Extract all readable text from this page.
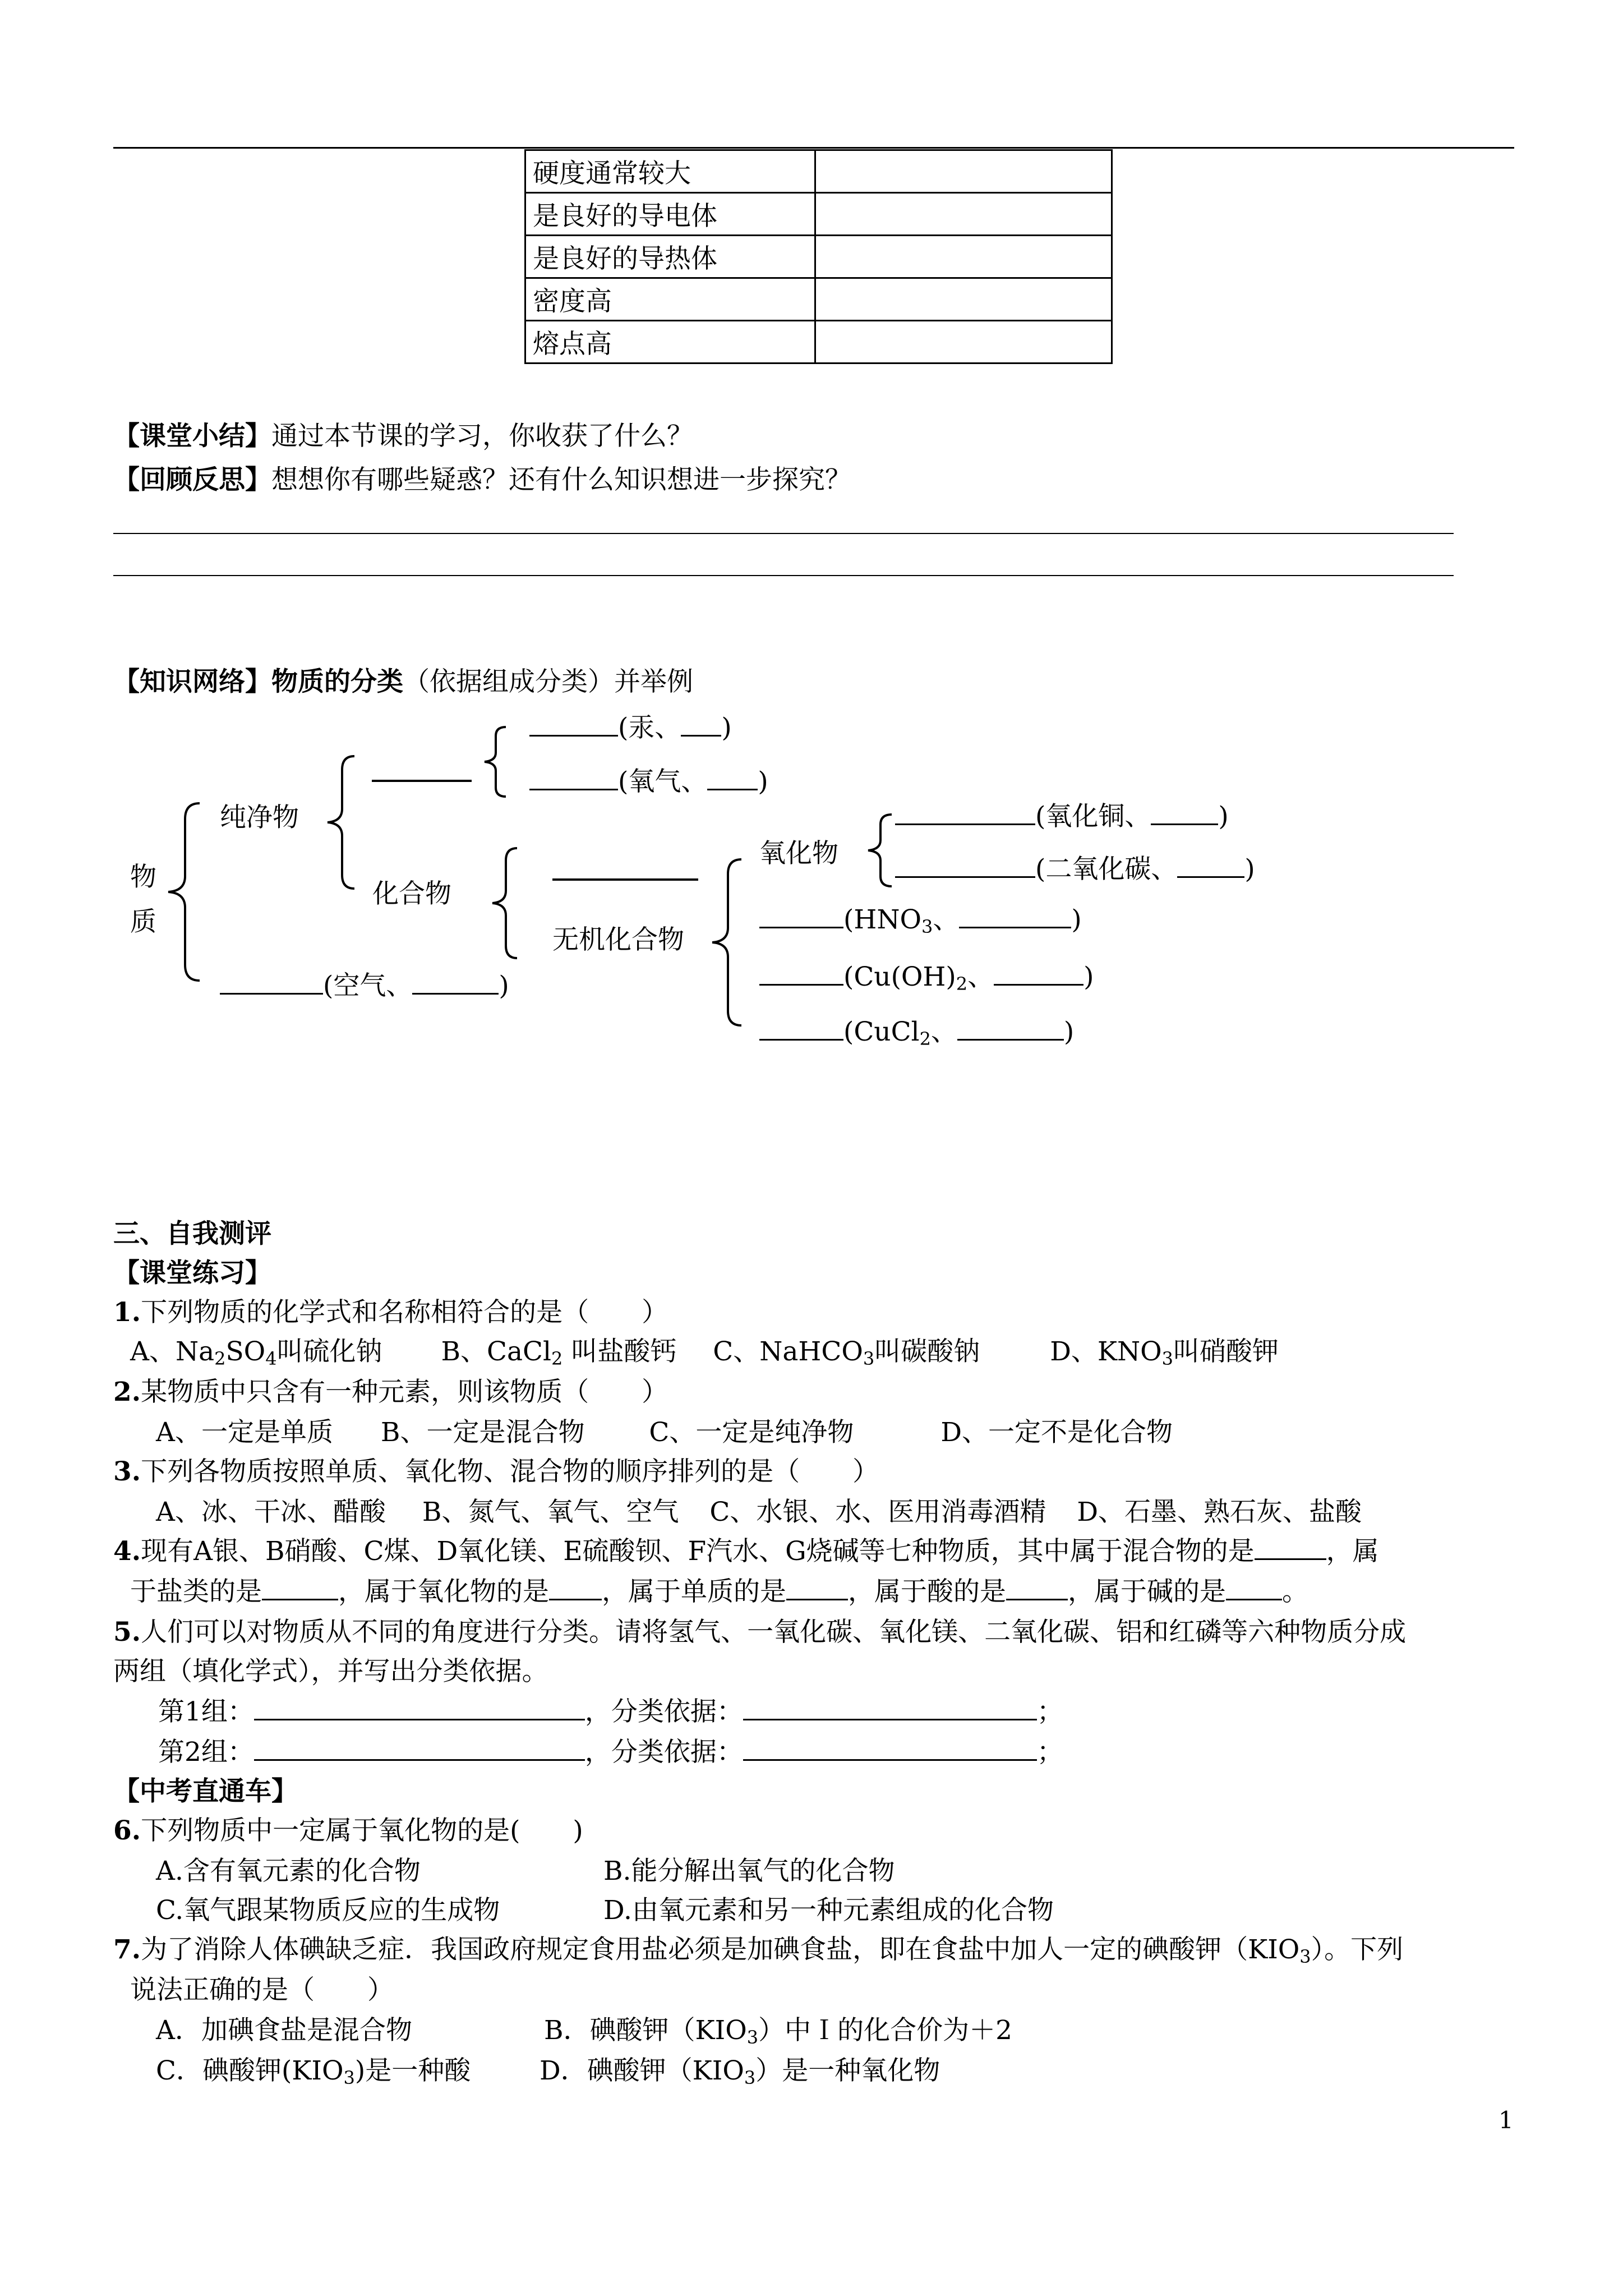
硬度通常较大	
是良好的导电体	
是良好的导热体	
密度高	
熔点高	
【课堂小结】通过本节课的学习，你收获了什么？
【回顾反思】想想你有哪些疑惑？还有什么知识想进一步探究？
【知识网络】物质的分类（依据组成分类）并举例
物
质
纯净物
(汞、 )
(氧气、 )
化合物
无机化合物
氧化物
(氧化铜、	)
(二氧化碳、	)
($HNO_3$、	)
($Cu(OH)_2$、	)
(CuCl$_2$、	)
(空气、	)
三、自我测评
【课堂练习】
1.下列物质的化学式和名称相符合的是（　　）
A、$Na_2SO_4$叫硫化钠 B、CaCl$_2$ 叫盐酸钙 C、NaHCO$_3$叫碳酸钠	D、$KNO_3$叫硝酸钾
2.某物质中只含有一种元素，则该物质（　　）
A、一定是单质 B、一定是混合物 C、一定是纯净物	D、一定不是化合物
3.下列各物质按照单质、氧化物、混合物的顺序排列的是（　　）
A、冰、干冰、醋酸 B、氮气、氧气、空气 C、水银、水、医用消毒酒精 D、石墨、熟石灰、盐酸
4.现有A银、B硝酸、C煤、D氧化镁、E硫酸钡、F汽水、G烧碱等七种物质，其中属于混合物的是	，属
于盐类的是	，属于氧化物的是 ，属于单质的是 ，属于酸的是 ，属于碱的是 。
5.人们可以对物质从不同的角度进行分类。请将氢气、一氧化碳、氧化镁、二氧化碳、铝和红磷等六种物质分成
两组（填化学式），并写出分类依据。
第1组：	，分类依据：	；
第2组：	，分类依据：	；
【中考直通车】
6.下列物质中一定属于氧化物的是(　　)
A.含有氧元素的化合物	B.能分解出氧气的化合物
C.氧气跟某物质反应的生成物	D.由氧元素和另一种元素组成的化合物
7.为了消除人体碘缺乏症．我国政府规定食用盐必须是加碘食盐，即在食盐中加人一定的碘酸钾$(KIO_3)$。下列
说法正确的是（　　）
A．加碘食盐是混合物	B．碘酸钾$(KIO_3)$中Ｉ的化合价为＋2
C．碘酸钾$(KIO_3)$是一种酸	D．碘酸钾$(KIO_3)$是一种氧化物
1
